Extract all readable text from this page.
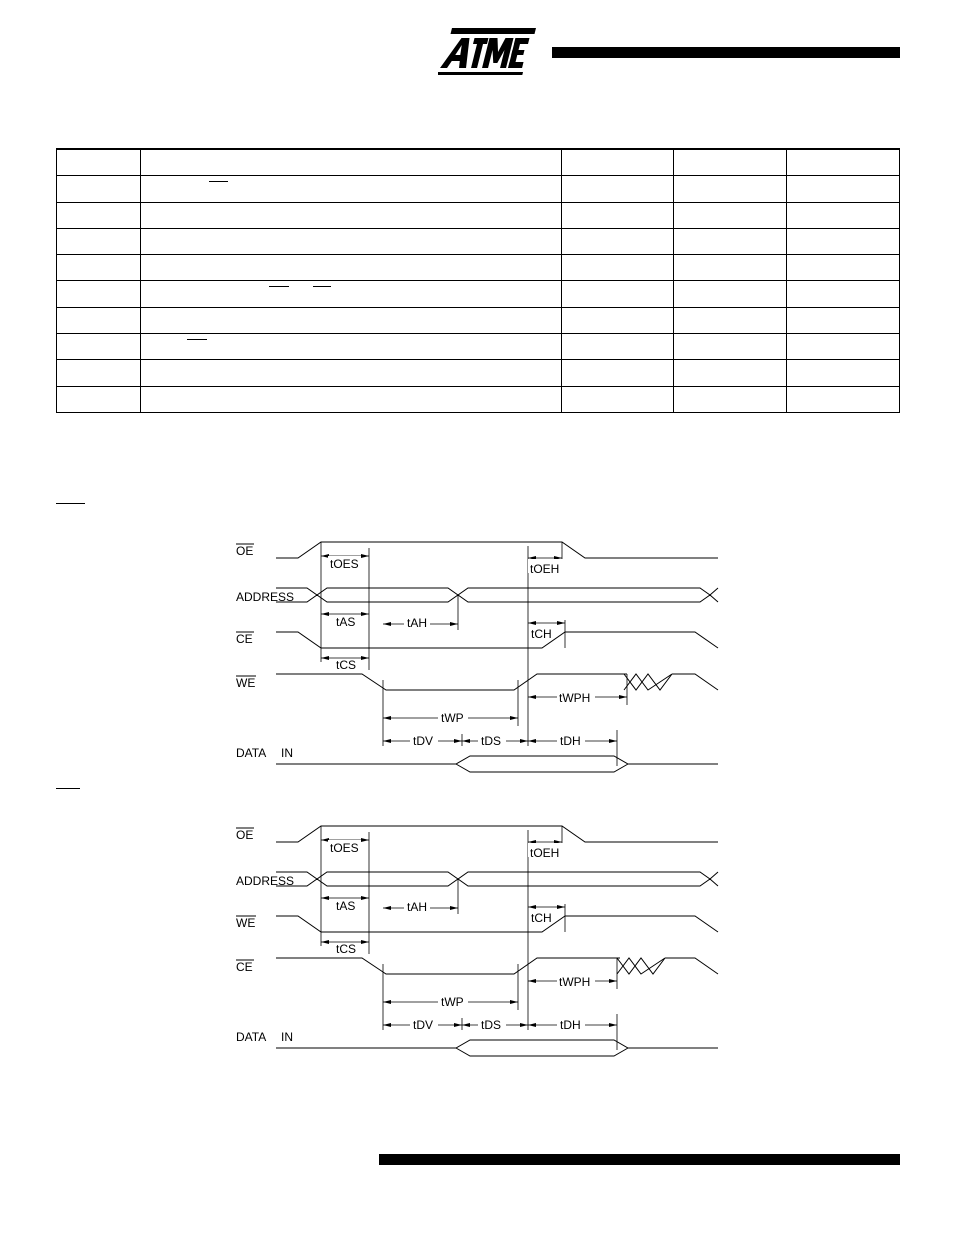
OE
ADDRESS
CE
WE
DATA IN
tOES	tOEH
tAS	tAH
tCH
tCS
tWPH
tWP
tDV	tDS	tDH
OE
ADDRESS
WE
CE
DATA IN
tOES	tOEH
tAS	tAH
tCH
tCS
tWPH
tWP
tDV	tDS	tDH
